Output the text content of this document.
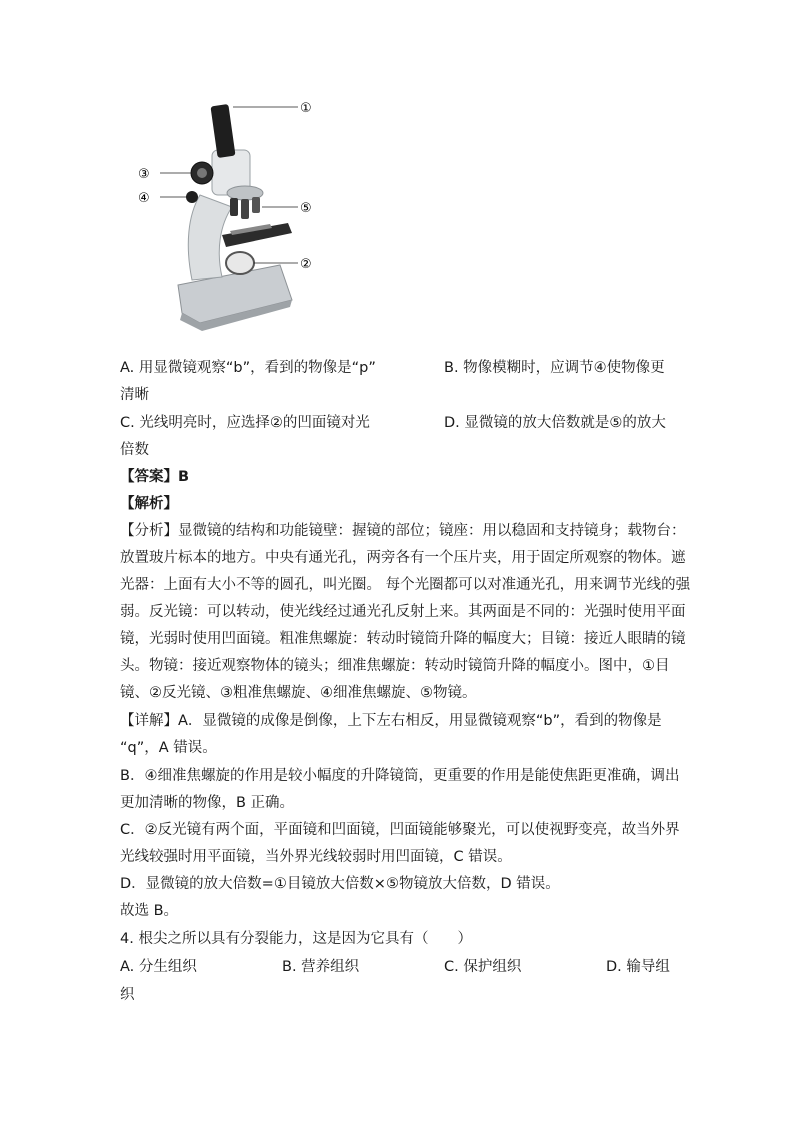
①
②
③
④
⑤
A. 用显微镜观察“b”，看到的物像是“p”	B. 物像模糊时，应调节④使物像更
清晰
C. 光线明亮时，应选择②的凹面镜对光	D. 显微镜的放大倍数就是⑤的放大
倍数
【答案】B
【解析】
【分析】显微镜的结构和功能镜壁：握镜的部位；镜座：用以稳固和支持镜身；载物台：
放置玻片标本的地方。中央有通光孔，两旁各有一个压片夹，用于固定所观察的物体。遮
光器：上面有大小不等的圆孔，叫光圈。 每个光圈都可以对准通光孔，用来调节光线的强
弱。反光镜：可以转动，使光线经过通光孔反射上来。其两面是不同的：光强时使用平面
镜，光弱时使用凹面镜。粗准焦螺旋：转动时镜筒升降的幅度大；目镜：接近人眼睛的镜
头。物镜：接近观察物体的镜头；细准焦螺旋：转动时镜筒升降的幅度小。图中，①目
镜、②反光镜、③粗准焦螺旋、④细准焦螺旋、⑤物镜。
【详解】A．显微镜的成像是倒像，上下左右相反，用显微镜观察“b”，看到的物像是
“q”，A 错误。
B．④细准焦螺旋的作用是较小幅度的升降镜筒，更重要的作用是能使焦距更准确，调出
更加清晰的物像，B 正确。
C．②反光镜有两个面，平面镜和凹面镜，凹面镜能够聚光，可以使视野变亮，故当外界
光线较强时用平面镜，当外界光线较弱时用凹面镜，C 错误。
D．显微镜的放大倍数=①目镜放大倍数×⑤物镜放大倍数，D 错误。
故选 B。
4. 根尖之所以具有分裂能力，这是因为它具有（　　）
A. 分生组织	B. 营养组织	C. 保护组织	D. 输导组
织
